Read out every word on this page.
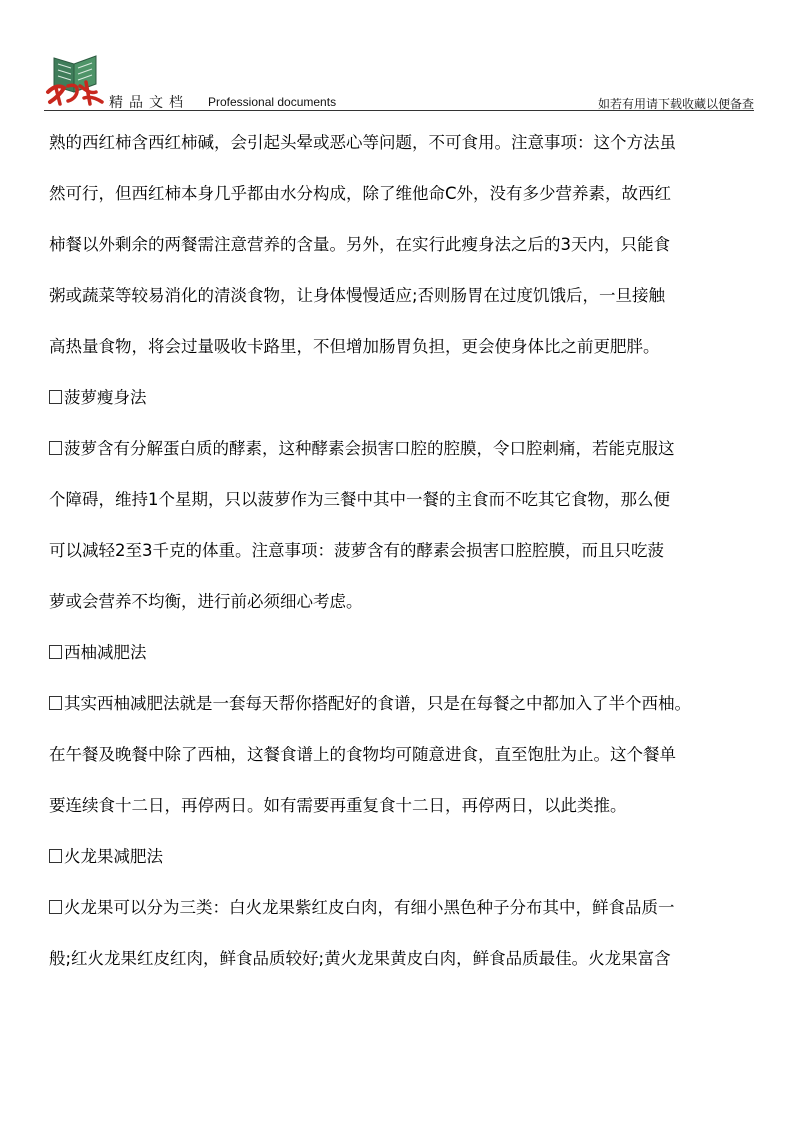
精品文档 Professional documents	如若有用请下载收藏以便备查
熟的西红柿含西红柿碱，会引起头晕或恶心等问题，不可食用。注意事项：这个方法虽
然可行，但西红柿本身几乎都由水分构成，除了维他命C外，没有多少营养素，故西红
柿餐以外剩余的两餐需注意营养的含量。另外，在实行此瘦身法之后的3天内，只能食
粥或蔬菜等较易消化的清淡食物，让身体慢慢适应;否则肠胃在过度饥饿后，一旦接触
高热量食物，将会过量吸收卡路里，不但增加肠胃负担，更会使身体比之前更肥胖。
菠萝瘦身法
菠萝含有分解蛋白质的酵素，这种酵素会损害口腔的腔膜，令口腔刺痛，若能克服这
个障碍，维持1个星期，只以菠萝作为三餐中其中一餐的主食而不吃其它食物，那么便
可以减轻2至3千克的体重。注意事项：菠萝含有的酵素会损害口腔腔膜，而且只吃菠
萝或会营养不均衡，进行前必须细心考虑。
西柚减肥法
其实西柚减肥法就是一套每天帮你搭配好的食谱，只是在每餐之中都加入了半个西柚。
在午餐及晚餐中除了西柚，这餐食谱上的食物均可随意进食，直至饱肚为止。这个餐单
要连续食十二日，再停两日。如有需要再重复食十二日，再停两日，以此类推。
火龙果减肥法
火龙果可以分为三类：白火龙果紫红皮白肉，有细小黑色种子分布其中，鲜食品质一
般;红火龙果红皮红肉，鲜食品质较好;黄火龙果黄皮白肉，鲜食品质最佳。火龙果富含
